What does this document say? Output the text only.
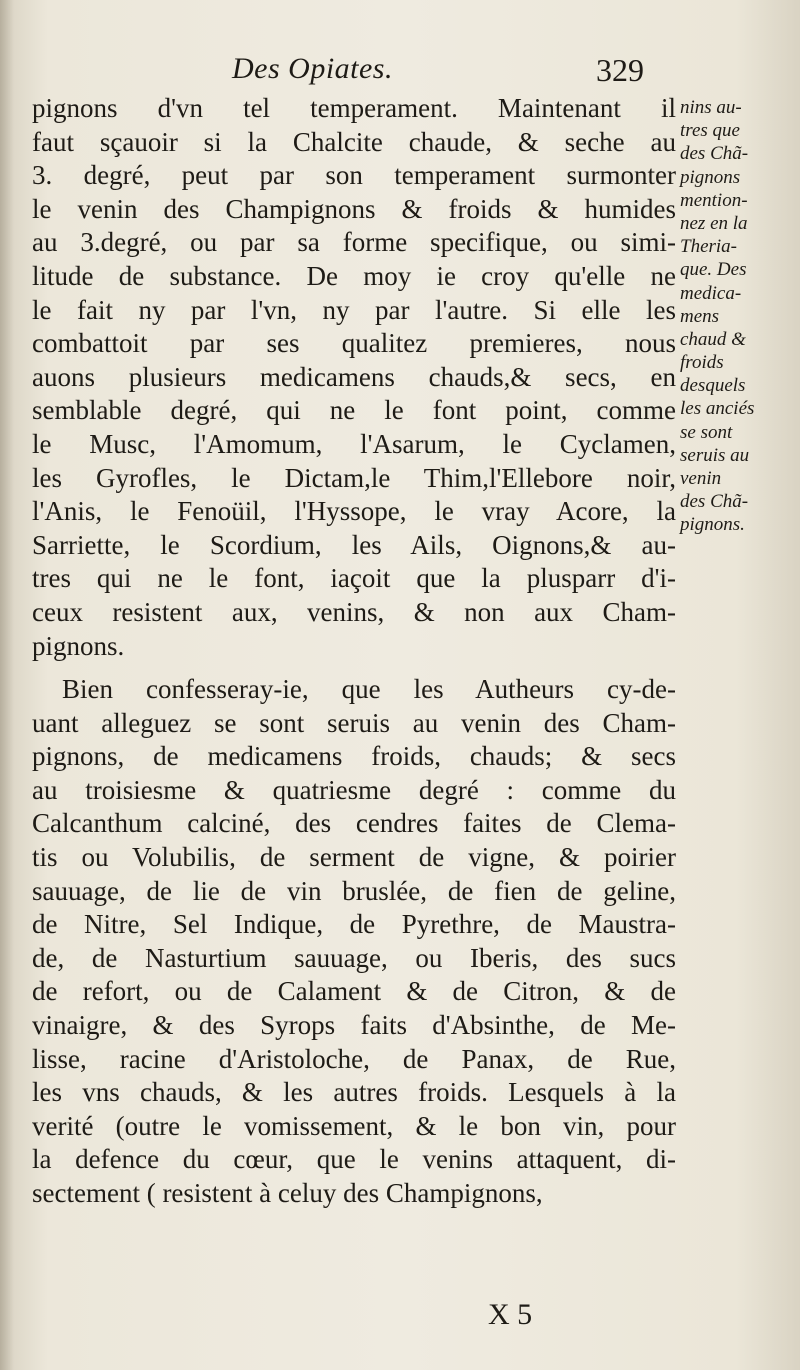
Des Opiates.	329
pignons d'vn tel temperament. Maintenant il
faut sçauoir si la Chalcite chaude, & seche au
3. degré, peut par son temperament surmonter
le venin des Champignons & froids & humides
au 3.degré, ou par sa forme specifique, ou simi-
litude de substance. De moy ie croy qu'elle ne
le fait ny par l'vn, ny par l'autre. Si elle les
combattoit par ses qualitez premieres, nous
auons plusieurs medicamens chauds,& secs, en
semblable degré, qui ne le font point, comme
le Musc, l'Amomum, l'Asarum, le Cyclamen,
les Gyrofles, le Dictam,le Thim,l'Ellebore noir,
l'Anis, le Fenoüil, l'Hyssope, le vray Acore, la
Sarriette, le Scordium, les Ails, Oignons,& au-
tres qui ne le font, iaçoit que la plusparr d'i-
ceux resistent aux, venins, & non aux Cham-
pignons.
Bien confesseray-ie, que les Autheurs cy-de-
uant alleguez se sont seruis au venin des Cham-
pignons, de medicamens froids, chauds; & secs
au troisiesme & quatriesme degré : comme du
Calcanthum calciné, des cendres faites de Clema-
tis ou Volubilis, de serment de vigne, & poirier
sauuage, de lie de vin bruslée, de fien de geline,
de Nitre, Sel Indique, de Pyrethre, de Maustra-
de, de Nasturtium sauuage, ou Iberis, des sucs
de refort, ou de Calament & de Citron, & de
vinaigre, & des Syrops faits d'Absinthe, de Me-
lisse, racine d'Aristoloche, de Panax, de Rue,
les vns chauds, & les autres froids. Lesquels à la
verité (outre le vomissement, & le bon vin, pour
la defence du cœur, que le venins attaquent, di-
sectement ( resistent à celuy des Champignons,
nins au-
tres que
des Chã-
pignons
mention-
nez en la
Theria-
que. Des
medica-
mens
chaud &
froids
desquels
les anciés
se sont
seruis au
venin
des Chã-
pignons.
X 5
